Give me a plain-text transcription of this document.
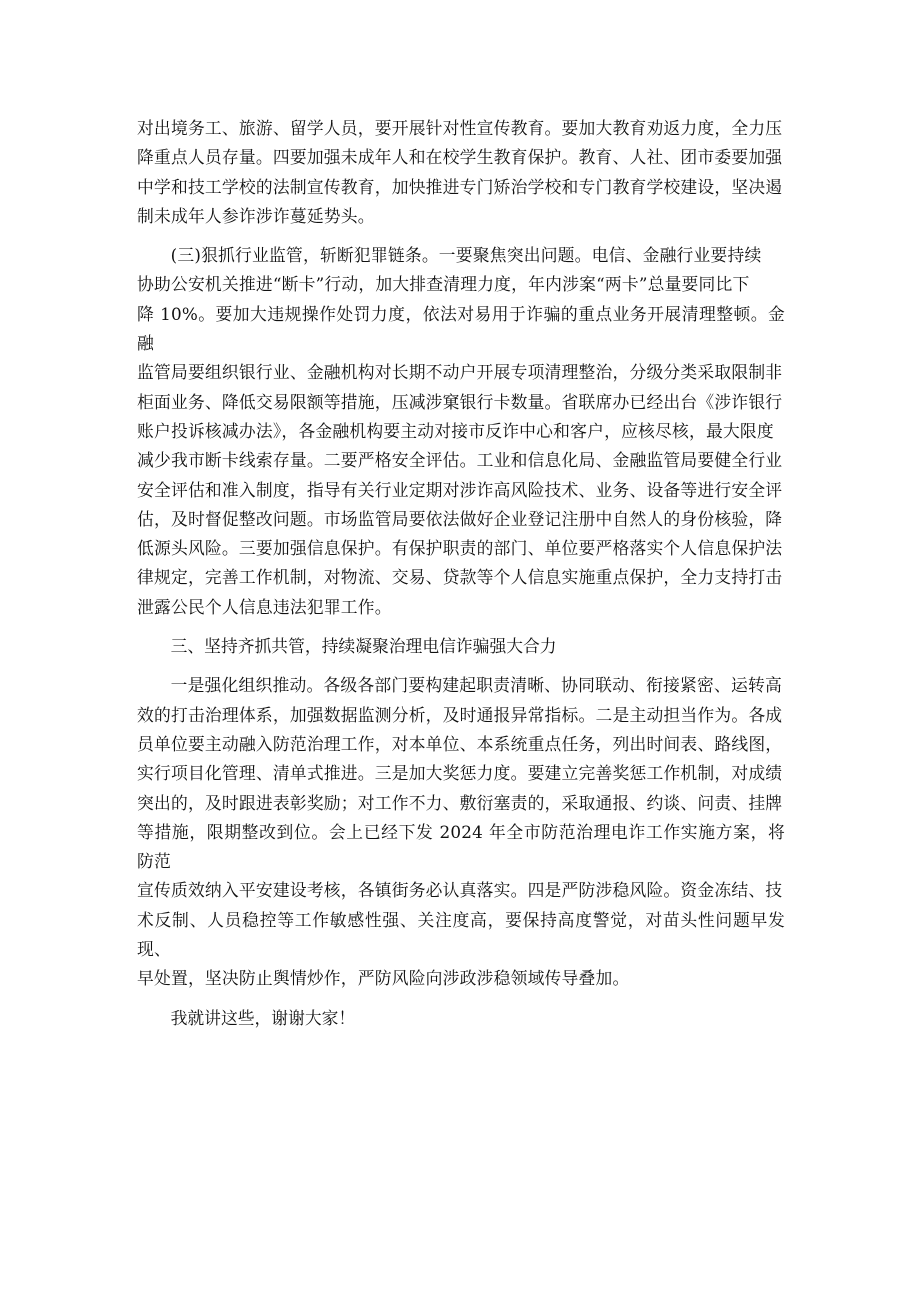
对出境务工、旅游、留学人员，要开展针对性宣传教育。要加大教育劝返力度，全力压
降重点人员存量。四要加强未成年人和在校学生教育保护。教育、人社、团市委要加强
中学和技工学校的法制宣传教育，加快推进专门矫治学校和专门教育学校建设，坚决遏
制未成年人参诈涉诈蔓延势头。

(三)狠抓行业监管，斩断犯罪链条。一要聚焦突出问题。电信、金融行业要持续
协助公安机关推进“断卡”行动，加大排查清理力度，年内涉案“两卡”总量要同比下
降 10%。要加大违规操作处罚力度，依法对易用于诈骗的重点业务开展清理整顿。金融
监管局要组织银行业、金融机构对长期不动户开展专项清理整治，分级分类采取限制非
柜面业务、降低交易限额等措施，压减涉窠银行卡数量。省联席办已经出台《涉诈银行
账户投诉核减办法》，各金融机构要主动对接市反诈中心和客户，应核尽核，最大限度
减少我市断卡线索存量。二要严格安全评估。工业和信息化局、金融监管局要健全行业
安全评估和准入制度，指导有关行业定期对涉诈高风险技术、业务、设备等进行安全评
估，及时督促整改问题。市场监管局要依法做好企业登记注册中自然人的身份核验，降
低源头风险。三要加强信息保护。有保护职责的部门、单位要严格落实个人信息保护法
律规定，完善工作机制，对物流、交易、贷款等个人信息实施重点保护，全力支持打击
泄露公民个人信息违法犯罪工作。

三、坚持齐抓共管，持续凝聚治理电信诈骗强大合力

一是强化组织推动。各级各部门要构建起职责清晰、协同联动、衔接紧密、运转高
效的打击治理体系，加强数据监测分析，及时通报异常指标。二是主动担当作为。各成
员单位要主动融入防范治理工作，对本单位、本系统重点任务，列出时间表、路线图，
实行项目化管理、清单式推进。三是加大奖惩力度。要建立完善奖惩工作机制，对成绩
突出的，及时跟进表彰奖励；对工作不力、敷衍塞责的，采取通报、约谈、问责、挂牌
等措施，限期整改到位。会上已经下发 2024 年全市防范治理电诈工作实施方案，将防范
宣传质效纳入平安建设考核，各镇街务必认真落实。四是严防涉稳风险。资金冻结、技
术反制、人员稳控等工作敏感性强、关注度高，要保持高度警觉，对苗头性问题早发现、
早处置，坚决防止舆情炒作，严防风险向涉政涉稳领域传导叠加。

我就讲这些，谢谢大家！
